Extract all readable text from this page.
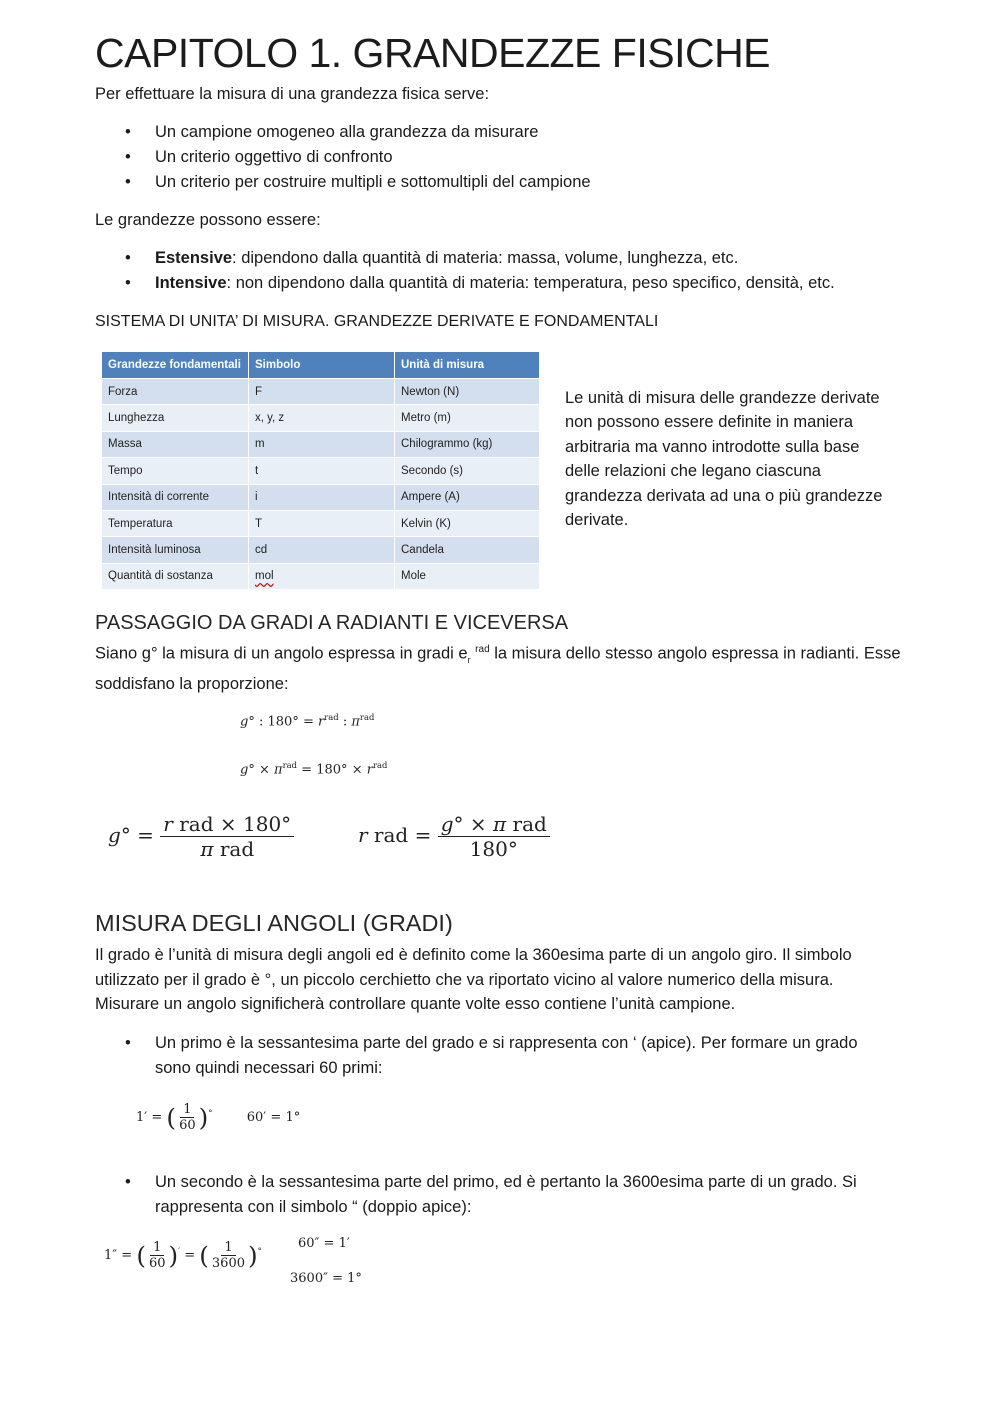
CAPITOLO 1. GRANDEZZE FISICHE
Per effettuare la misura di una grandezza fisica serve:
• Un campione omogeneo alla grandezza da misurare
• Un criterio oggettivo di confronto
• Un criterio per costruire multipli e sottomultipli del campione
Le grandezze possono essere:
• Estensive: dipendono dalla quantità di materia: massa, volume, lunghezza, etc.
• Intensive: non dipendono dalla quantità di materia: temperatura, peso specifico, densità, etc.
SISTEMA DI UNITA’ DI MISURA. GRANDEZZE DERIVATE E FONDAMENTALI
Grandezze fondamentali	Simbolo	Unità di misura
Forza	F	Newton (N)
Lunghezza	x, y, z	Metro (m)
Massa	m	Chilogrammo (kg)
Tempo	t	Secondo (s)
Intensità di corrente	i	Ampere (A)
Temperatura	T	Kelvin (K)
Intensità luminosa	cd	Candela
Quantità di sostanza	mol	Mole
Le unità di misura delle grandezze derivate
non possono essere definite in maniera
arbitraria ma vanno introdotte sulla base
delle relazioni che legano ciascuna
grandezza derivata ad una o più grandezze
derivate.
PASSAGGIO DA GRADI A RADIANTI E VICEVERSA
Siano g° la misura di un angolo espressa in gradi $e_r$ $^{rad}$ la misura dello stesso angolo espressa in radianti. Esse
soddisfano la proporzione:
g° : $180^\circ = r^{rad}$ : $\pi^{rad}$
$g^\circ \times \pi^{rad} = 180^\circ \times r^{rad}$
$g^\circ = \frac{\text{r rad × 180°}}{\text{π rad}}$	r rad = $\frac{\text{g° × π rad}}{180^\circ}$
MISURA DEGLI ANGOLI (GRADI)
Il grado è l’unità di misura degli angoli ed è definito come la 360esima parte di un angolo giro. Il simbolo
utilizzato per il grado è °, un piccolo cerchietto che va riportato vicino al valore numerico della misura.
Misurare un angolo significherà controllare quante volte esso contiene l’unità campione.
• Un primo è la sessantesima parte del grado e si rappresenta con ‘ (apice). Per formare un grado
sono quindi necessari 60 primi:
1′ = ( $\frac{1}{60} )^\circ$	60′ = 1°
• Un secondo è la sessantesima parte del primo, ed è pertanto la 3600esima parte di un grado. Si
rappresenta con il simbolo “ (doppio apice):
1″ = ( $\frac{1}{60} )'$ = ( $\frac{1}{3600} )^\circ$	60″ = 1′
3600″ = 1°
